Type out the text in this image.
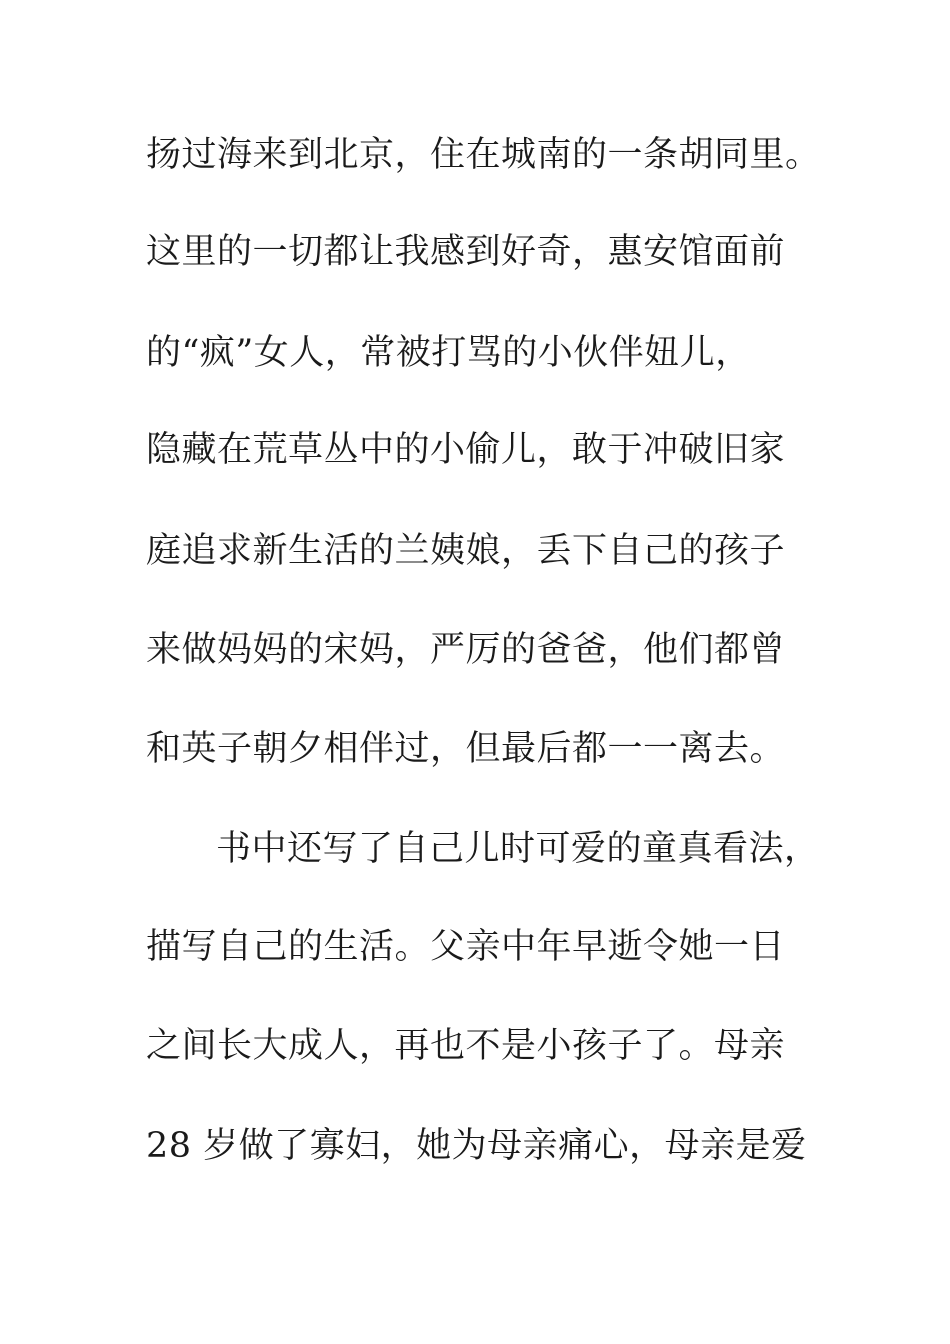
扬过海来到北京，住在城南的一条胡同里。

这里的一切都让我感到好奇，惠安馆面前

的“疯”女人，常被打骂的小伙伴妞儿，

隐藏在荒草丛中的小偷儿，敢于冲破旧家

庭追求新生活的兰姨娘，丢下自己的孩子

来做妈妈的宋妈，严厉的爸爸，他们都曾

和英子朝夕相伴过，但最后都一一离去。

书中还写了自己儿时可爱的童真看法，

描写自己的生活。父亲中年早逝令她一日

之间长大成人，再也不是小孩子了。母亲

28 岁做了寡妇，她为母亲痛心，母亲是爱
